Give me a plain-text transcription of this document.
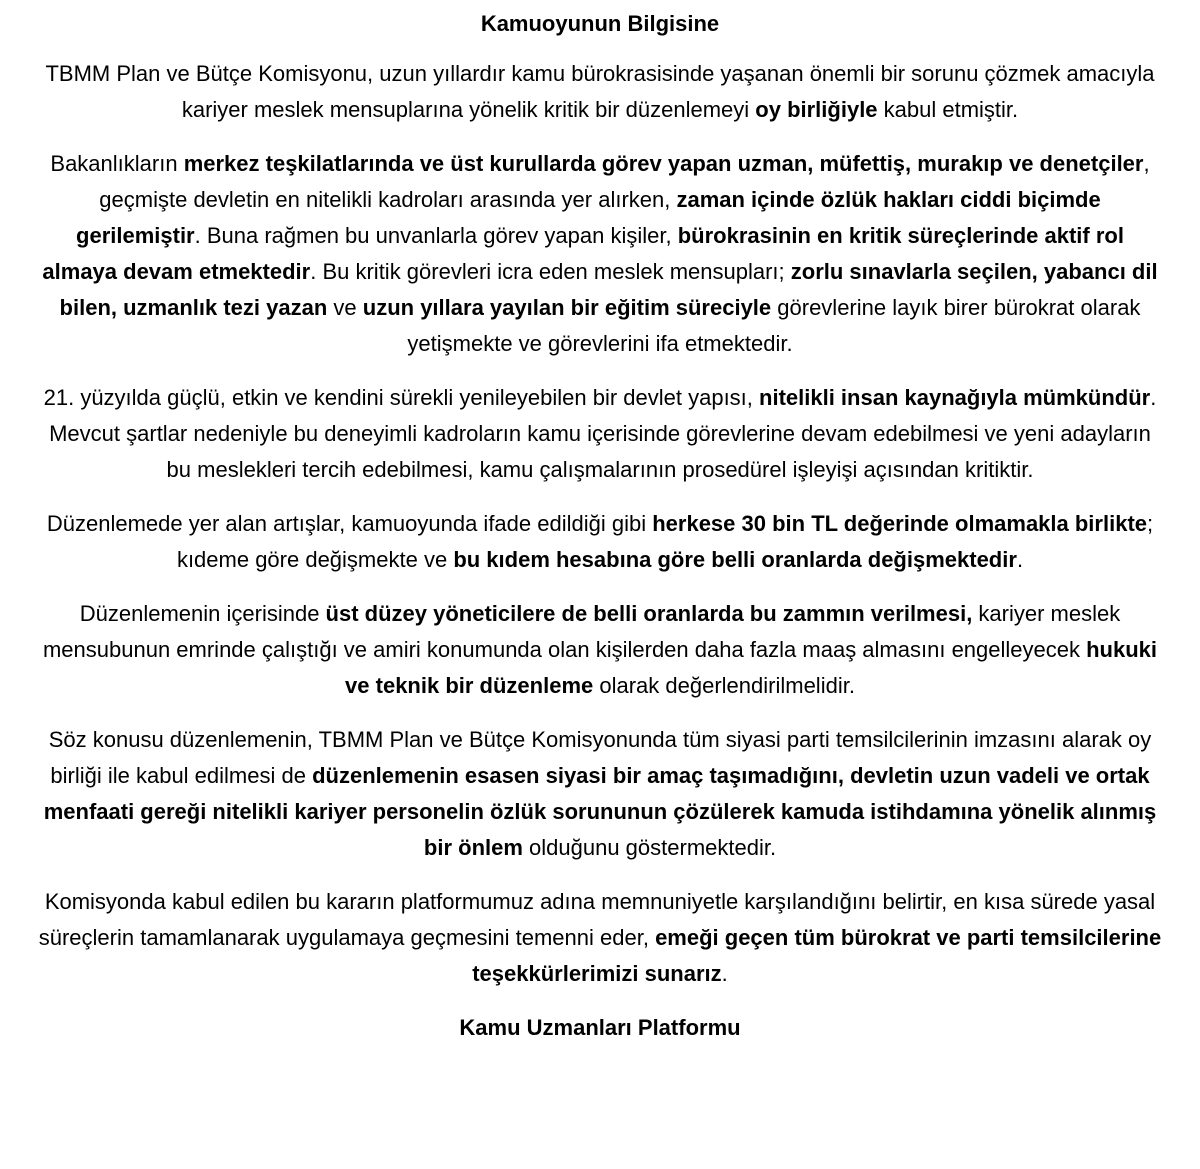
Kamuoyunun Bilgisine

TBMM Plan ve Bütçe Komisyonu, uzun yıllardır kamu bürokrasisinde yaşanan önemli bir sorunu çözmek amacıyla kariyer meslek mensuplarına yönelik kritik bir düzenlemeyi oy birliğiyle kabul etmiştir.

Bakanlıkların merkez teşkilatlarında ve üst kurullarda görev yapan uzman, müfettiş, murakıp ve denetçiler, geçmişte devletin en nitelikli kadroları arasında yer alırken, zaman içinde özlük hakları ciddi biçimde gerilemiştir. Buna rağmen bu unvanlarla görev yapan kişiler, bürokrasinin en kritik süreçlerinde aktif rol almaya devam etmektedir. Bu kritik görevleri icra eden meslek mensupları; zorlu sınavlarla seçilen, yabancı dil bilen, uzmanlık tezi yazan ve uzun yıllara yayılan bir eğitim süreciyle görevlerine layık birer bürokrat olarak yetişmekte ve görevlerini ifa etmektedir.

21. yüzyılda güçlü, etkin ve kendini sürekli yenileyebilen bir devlet yapısı, nitelikli insan kaynağıyla mümkündür. Mevcut şartlar nedeniyle bu deneyimli kadroların kamu içerisinde görevlerine devam edebilmesi ve yeni adayların bu meslekleri tercih edebilmesi, kamu çalışmalarının prosedürel işleyişi açısından kritiktir.

Düzenlemede yer alan artışlar, kamuoyunda ifade edildiği gibi herkese 30 bin TL değerinde olmamakla birlikte; kıdeme göre değişmekte ve bu kıdem hesabına göre belli oranlarda değişmektedir.

Düzenlemenin içerisinde üst düzey yöneticilere de belli oranlarda bu zammın verilmesi, kariyer meslek mensubunun emrinde çalıştığı ve amiri konumunda olan kişilerden daha fazla maaş almasını engelleyecek hukuki ve teknik bir düzenleme olarak değerlendirilmelidir.

Söz konusu düzenlemenin, TBMM Plan ve Bütçe Komisyonunda tüm siyasi parti temsilcilerinin imzasını alarak oy birliği ile kabul edilmesi de düzenlemenin esasen siyasi bir amaç taşımadığını, devletin uzun vadeli ve ortak menfaati gereği nitelikli kariyer personelin özlük sorununun çözülerek kamuda istihdamına yönelik alınmış bir önlem olduğunu göstermektedir.

Komisyonda kabul edilen bu kararın platformumuz adına memnuniyetle karşılandığını belirtir, en kısa sürede yasal süreçlerin tamamlanarak uygulamaya geçmesini temenni eder, emeği geçen tüm bürokrat ve parti temsilcilerine teşekkürlerimizi sunarız.

Kamu Uzmanları Platformu
